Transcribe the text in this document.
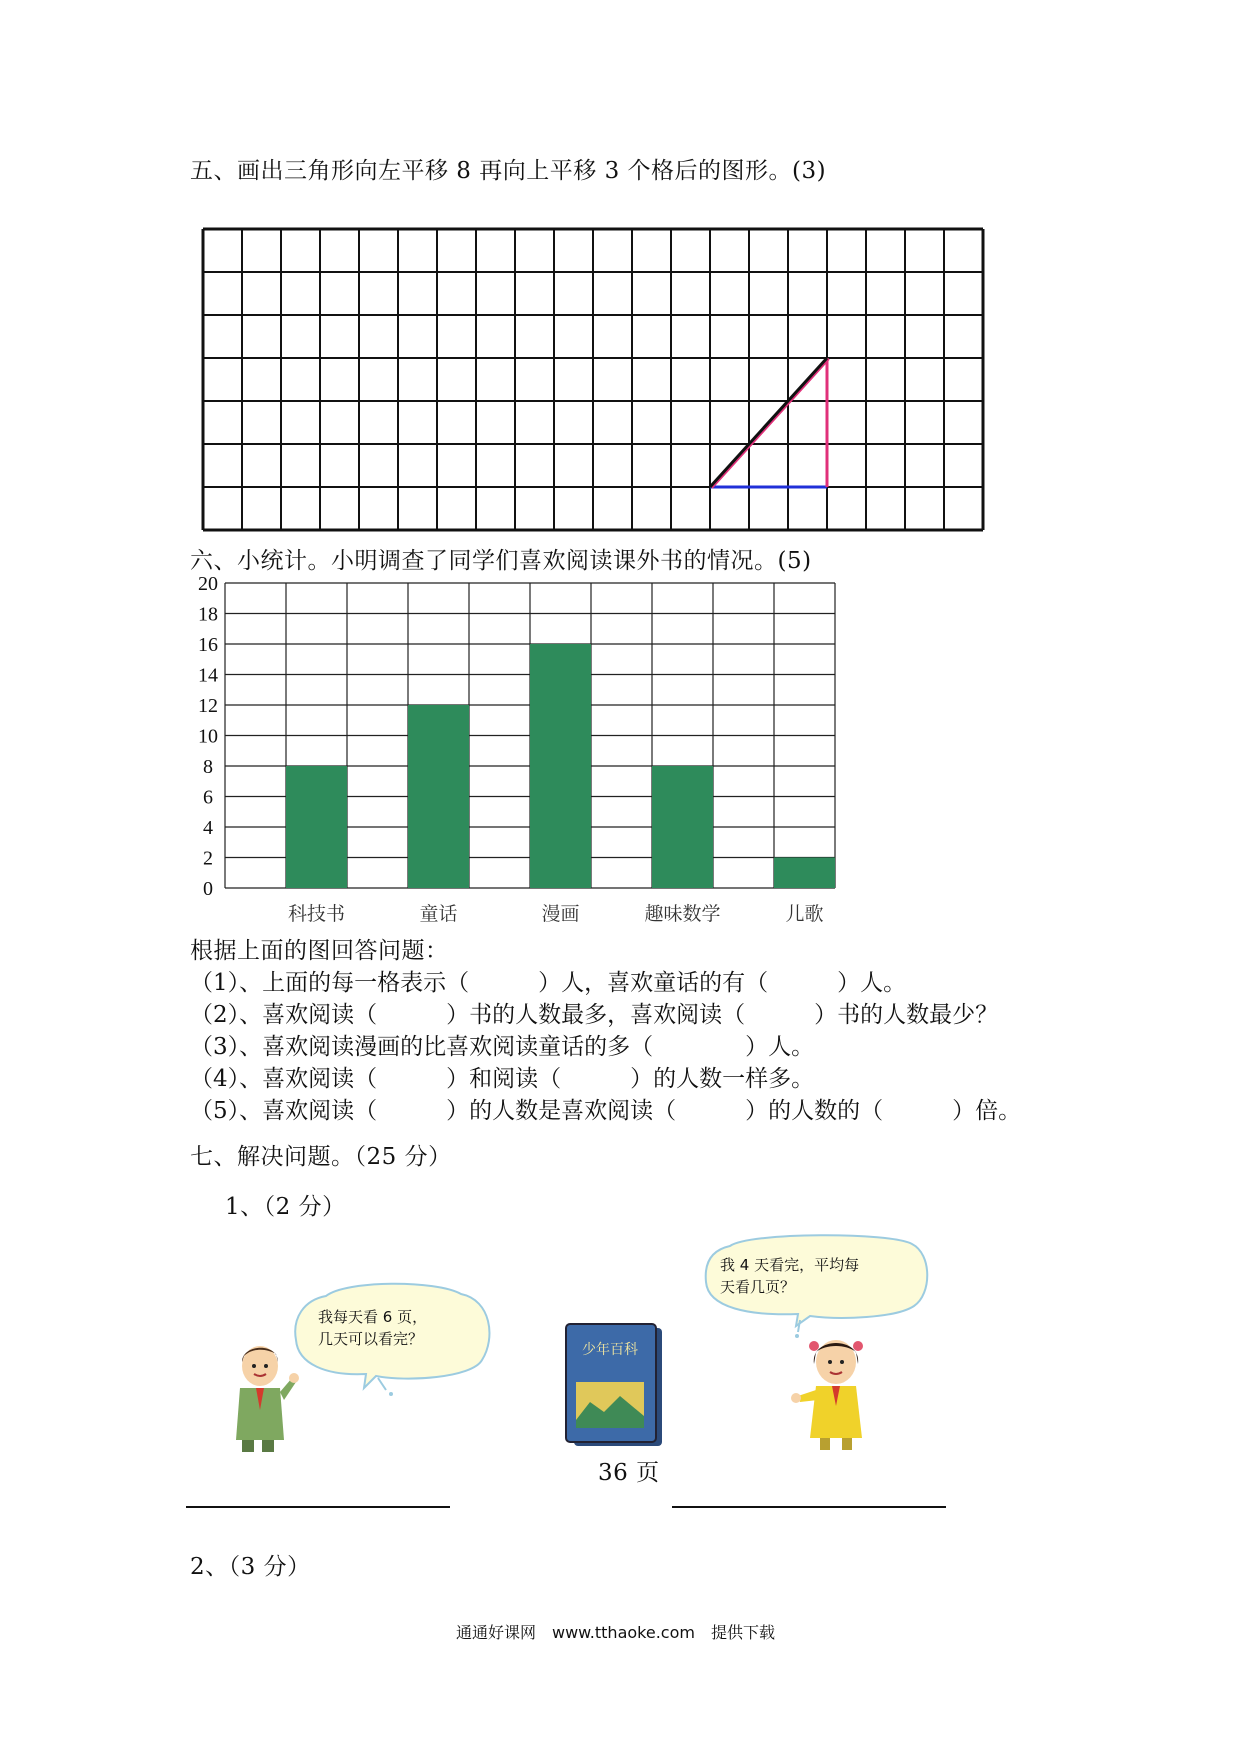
五、画出三角形向左平移 8 再向上平移 3 个格后的图形。(3)
六、小统计。小明调查了同学们喜欢阅读课外书的情况。(5)
0
2
4
6
8
10
12
14
16
18
20
科技书	童话	漫画	趣味数学	儿歌
根据上面的图回答问题：
（1）、上面的每一格表示（　　　）人，喜欢童话的有（　　　）人。
（2）、喜欢阅读（　　　）书的人数最多，喜欢阅读（　　　）书的人数最少？
（3）、喜欢阅读漫画的比喜欢阅读童话的多（　　　　）人。
（4）、喜欢阅读（　　　）和阅读（　　　）的人数一样多。
（5）、喜欢阅读（　　　）的人数是喜欢阅读（　　　）的人数的（　　　）倍。
七、解决问题。（25 分）
1、（2 分）
我每天看 6 页，
几天可以看完？
少年百科
36 页
我 4 天看完，平均每
天看几页？
2、（3 分）
通通好课网　www.tthaoke.com　提供下载
